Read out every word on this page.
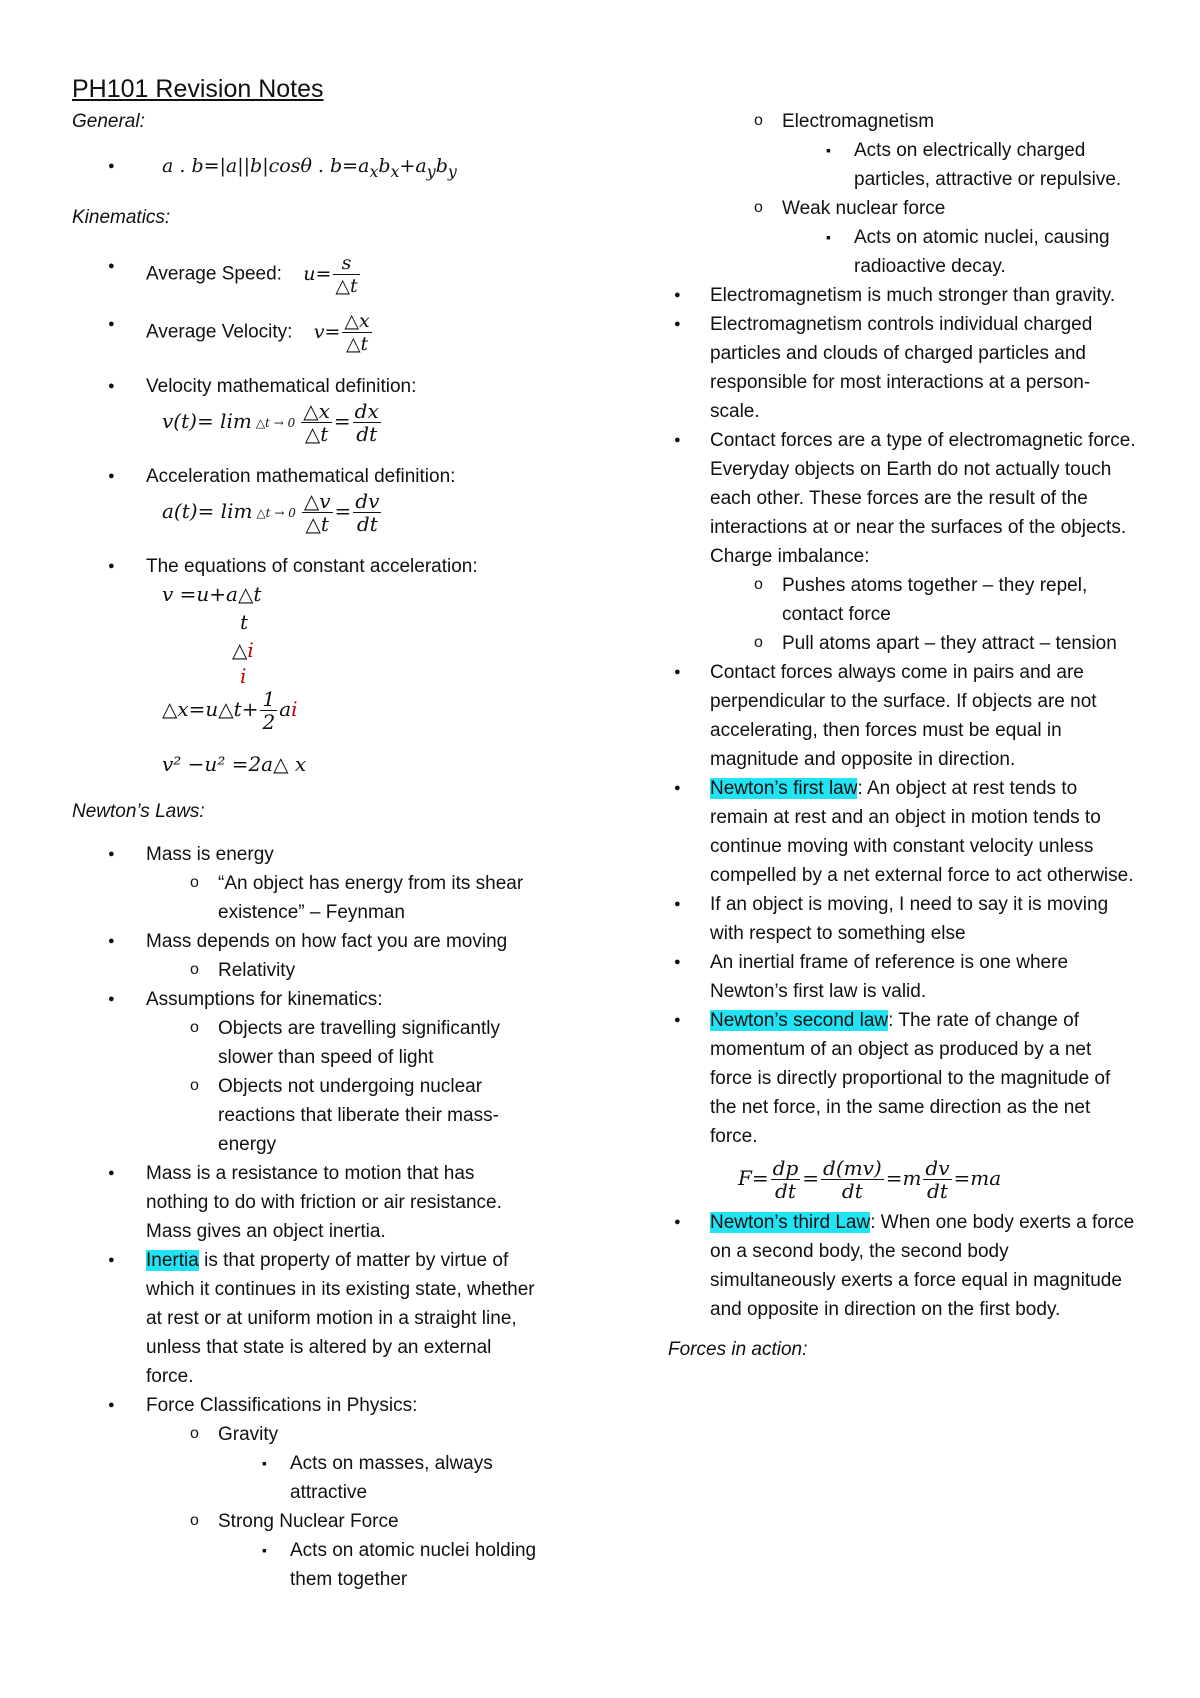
PH101 Revision Notes
General:
● a . b=|a||b|cosθ . $b=a_xb_x+a_yb_y$
Kinematics:
● Average Speed: $u= \frac{s}{\triangle t}$
● Average Velocity: $v= \frac{\triangle x}{\triangle t}$
● Velocity mathematical definition:
v(t)= lim △t → $0 \frac{\triangle x}{\triangle t} = \frac{dx}{dt}$
● Acceleration mathematical definition:
a(t)= lim △t → $0 \frac{\triangle v}{\triangle t} = \frac{dv}{dt}$
● The equations of constant acceleration:
v =u+a△t
t
△i
i
△x=u△t+ $\frac{1}{2}$ ai
v² −u² =2a△ x
Newton’s Laws:
● Mass is energy
o “An object has energy from its shear existence” – Feynman
● Mass depends on how fact you are moving
o Relativity
● Assumptions for kinematics:
o Objects are travelling significantly slower than speed of light
o Objects not undergoing nuclear reactions that liberate their mass-energy
● Mass is a resistance to motion that has nothing to do with friction or air resistance. Mass gives an object inertia.
● Inertia is that property of matter by virtue of which it continues in its existing state, whether at rest or at uniform motion in a straight line, unless that state is altered by an external force.
● Force Classifications in Physics:
o Gravity
▪ Acts on masses, always attractive
o Strong Nuclear Force
▪ Acts on atomic nuclei holding them together
o Electromagnetism
▪ Acts on electrically charged particles, attractive or repulsive.
o Weak nuclear force
▪ Acts on atomic nuclei, causing radioactive decay.
● Electromagnetism is much stronger than gravity.
● Electromagnetism controls individual charged particles and clouds of charged particles and responsible for most interactions at a person-scale.
● Contact forces are a type of electromagnetic force. Everyday objects on Earth do not actually touch each other. These forces are the result of the interactions at or near the surfaces of the objects. Charge imbalance:
o Pushes atoms together – they repel, contact force
o Pull atoms apart – they attract – tension
● Contact forces always come in pairs and are perpendicular to the surface. If objects are not accelerating, then forces must be equal in magnitude and opposite in direction.
● Newton’s first law: An object at rest tends to remain at rest and an object in motion tends to continue moving with constant velocity unless compelled by a net external force to act otherwise.
● If an object is moving, I need to say it is moving with respect to something else
● An inertial frame of reference is one where Newton’s first law is valid.
● Newton’s second law: The rate of change of momentum of an object as produced by a net force is directly proportional to the magnitude of the net force, in the same direction as the net force.
$F= \frac{dp}{dt} = \frac{d(mv)}{dt} =m \frac{dv}{dt} =ma$
● Newton’s third Law: When one body exerts a force on a second body, the second body simultaneously exerts a force equal in magnitude and opposite in direction on the first body.
Forces in action:
